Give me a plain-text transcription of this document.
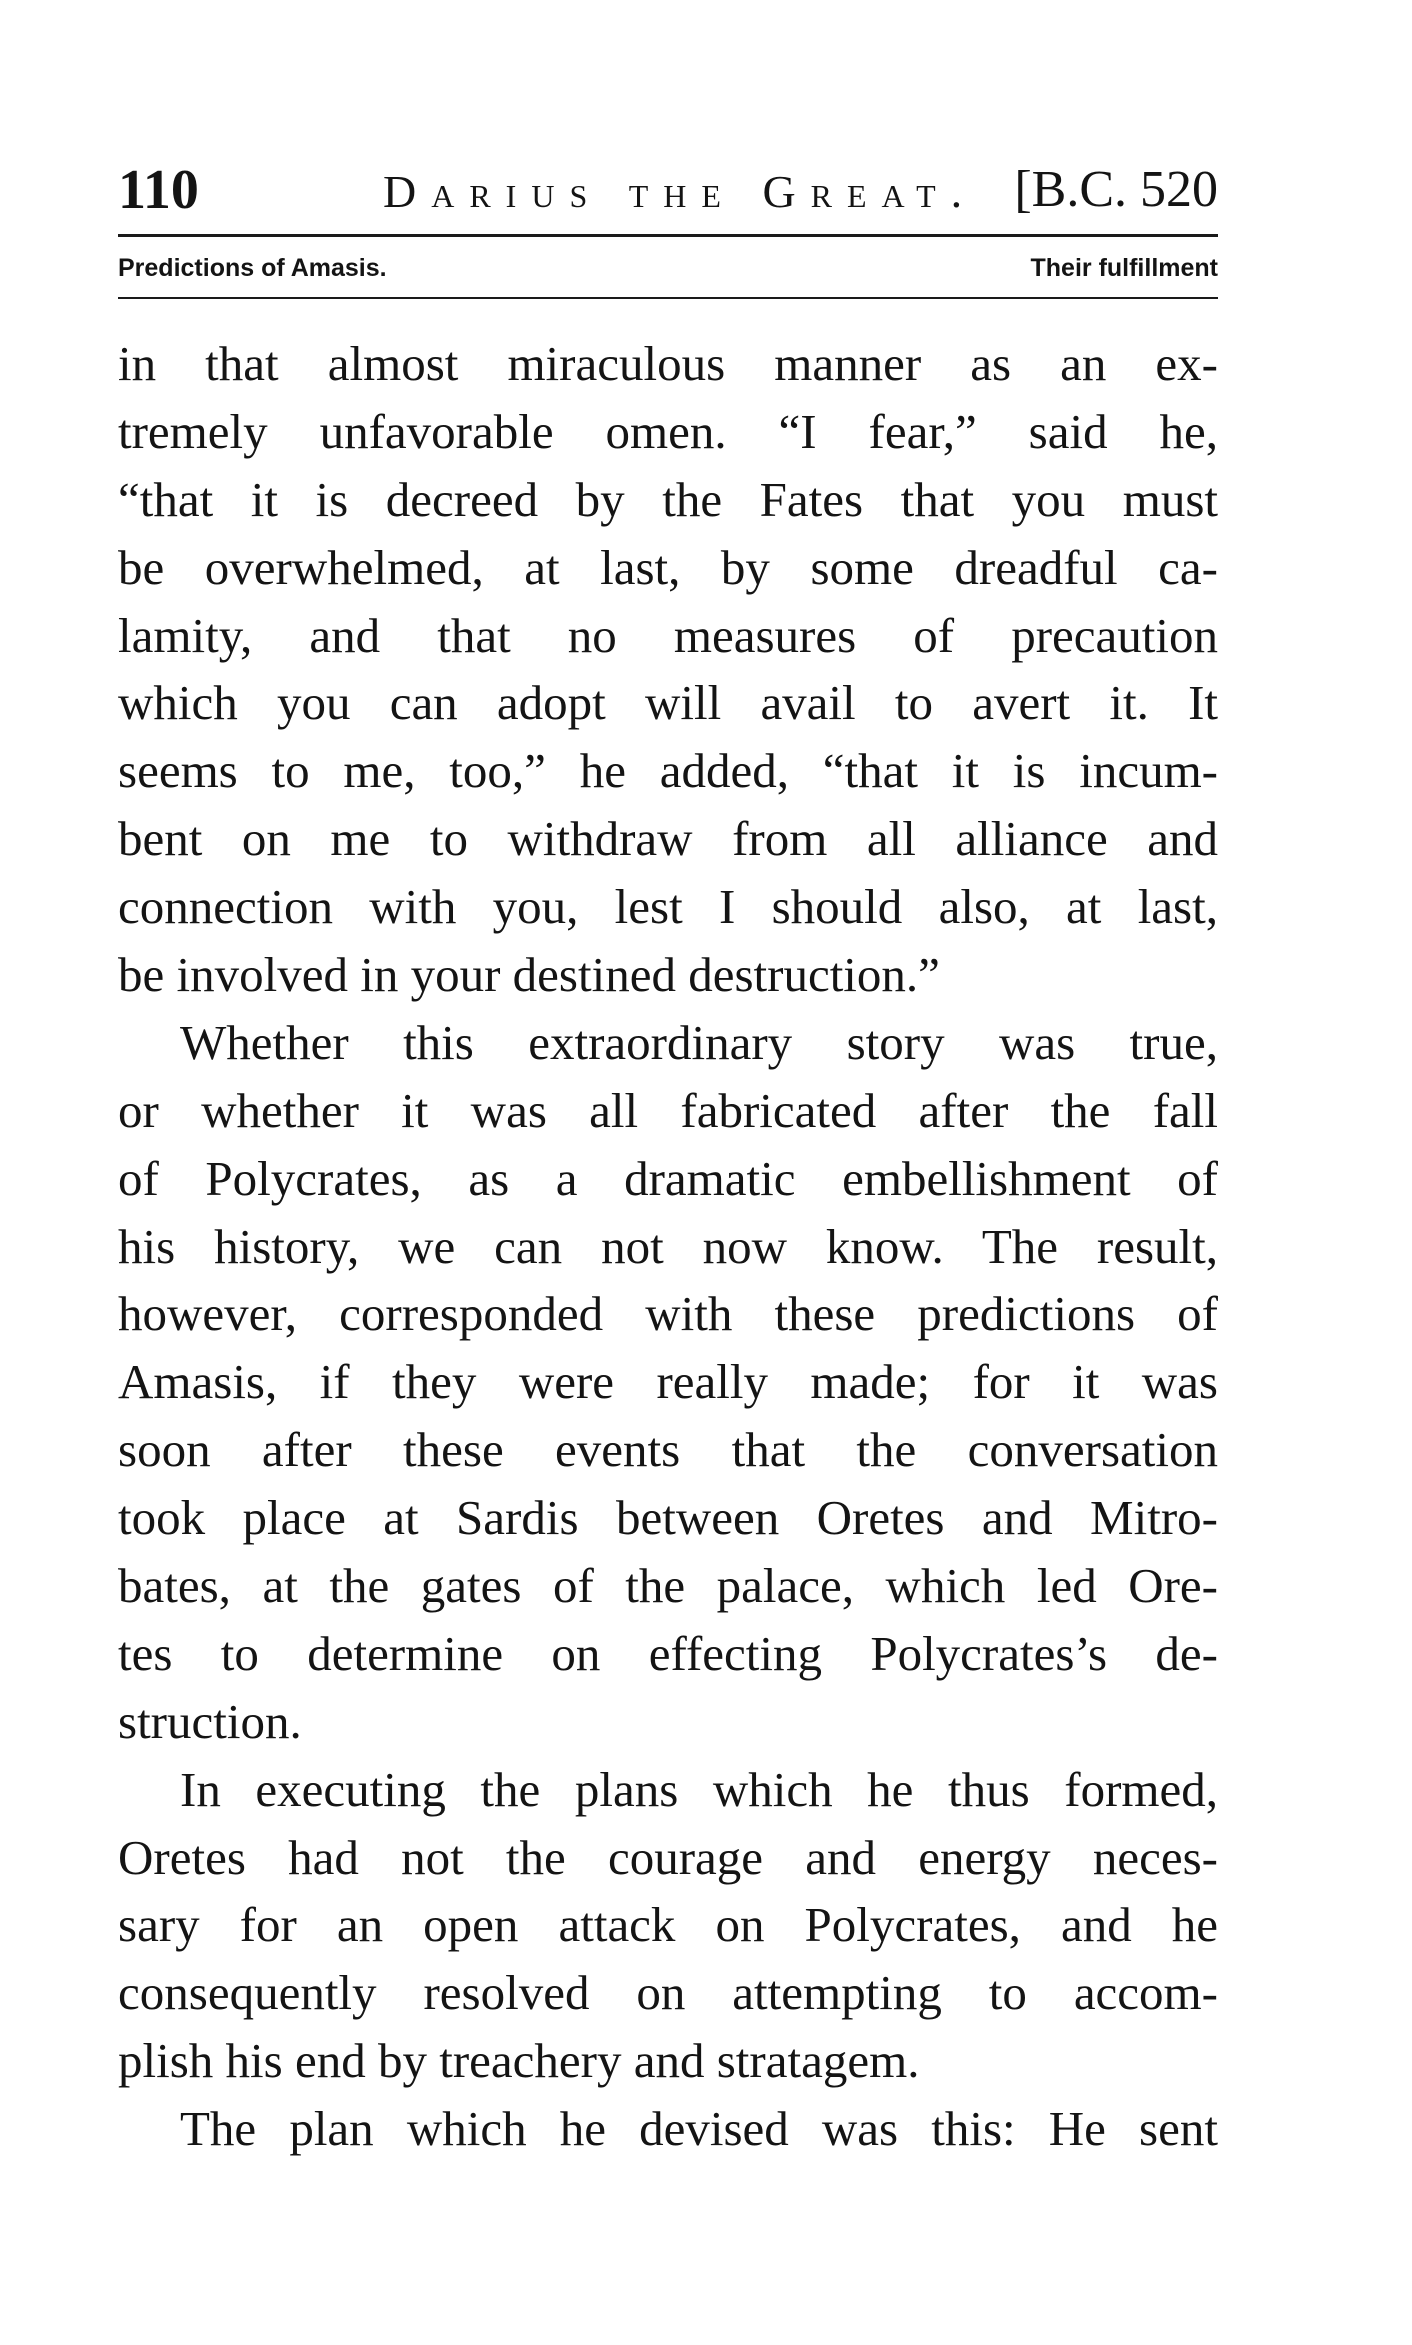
110	Darius the Great. [B.C. 520
Predictions of Amasis.	Their fulfillment
in that almost miraculous manner as an ex-
tremely unfavorable omen. “I fear,” said he,
“that it is decreed by the Fates that you must
be overwhelmed, at last, by some dreadful ca-
lamity, and that no measures of precaution
which you can adopt will avail to avert it. It
seems to me, too,” he added, “that it is incum-
bent on me to withdraw from all alliance and
connection with you, lest I should also, at last,
be involved in your destined destruction.”
Whether this extraordinary story was true,
or whether it was all fabricated after the fall
of Polycrates, as a dramatic embellishment of
his history, we can not now know. The result,
however, corresponded with these predictions of
Amasis, if they were really made; for it was
soon after these events that the conversation
took place at Sardis between Oretes and Mitro-
bates, at the gates of the palace, which led Ore-
tes to determine on effecting Polycrates’s de-
struction.
In executing the plans which he thus formed,
Oretes had not the courage and energy neces-
sary for an open attack on Polycrates, and he
consequently resolved on attempting to accom-
plish his end by treachery and stratagem.
The plan which he devised was this: He sent
